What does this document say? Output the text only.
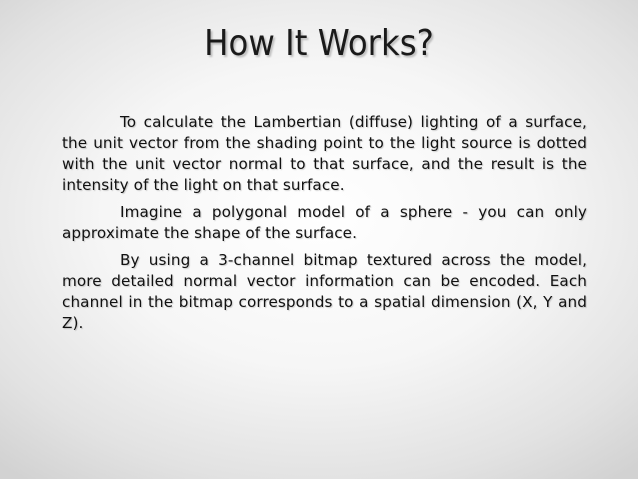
How It Works?

To calculate the Lambertian (diffuse) lighting of a surface, the unit vector from the shading point to the light source is dotted with the unit vector normal to that surface, and the result is the intensity of the light on that surface.

Imagine a polygonal model of a sphere - you can only approximate the shape of the surface.

By using a 3-channel bitmap textured across the model, more detailed normal vector information can be encoded. Each channel in the bitmap corresponds to a spatial dimension (X, Y and Z).
